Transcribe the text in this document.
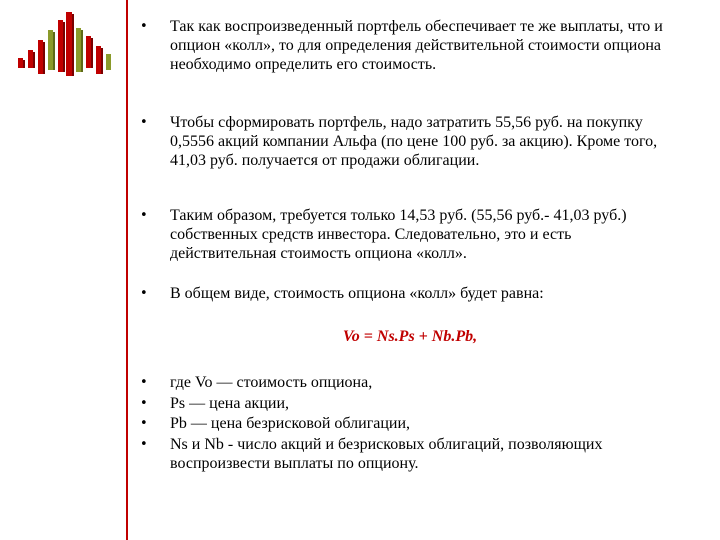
• Так как воспроизведенный портфель обеспечивает те же выплаты, что и опцион «колл», то для определения действительной стоимости опциона необходимо определить его стоимость.
• Чтобы сформировать портфель, надо затратить 55,56 руб. на покупку 0,5556 акций компании Альфа (по цене 100 руб. за акцию). Кроме того, 41,03 руб. получается от продажи облигации.
• Таким образом, требуется только 14,53 руб. (55,56 руб.- 41,03 руб.) собственных средств инвестора. Следовательно, это и есть действительная стоимость опциона «колл».
• В общем виде, стоимость опциона «колл» будет равна:
Vo = Ns.Ps + Nb.Pb,
• где Vo — стоимость опциона,
• Ps — цена акции,
• Pb — цена безрисковой облигации,
• Ns и Nb - число акций и безрисковых облигаций, позволяющих воспроизвести выплаты по опциону.
